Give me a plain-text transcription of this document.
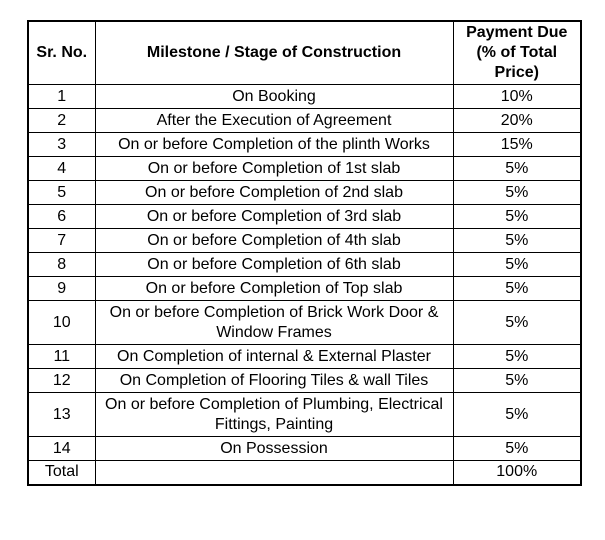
Sr. No.	Milestone / Stage of Construction	Payment Due (% of Total Price)
1	On Booking	10%
2	After the Execution of Agreement	20%
3	On or before Completion of the plinth Works	15%
4	On or before Completion of 1st slab	5%
5	On or before Completion of 2nd slab	5%
6	On or before Completion of 3rd slab	5%
7	On or before Completion of 4th slab	5%
8	On or before Completion of 6th slab	5%
9	On or before Completion of Top slab	5%
10	On or before Completion of Brick Work Door & Window Frames	5%
11	On Completion of internal & External Plaster	5%
12	On Completion of Flooring Tiles & wall Tiles	5%
13	On or before Completion of Plumbing, Electrical Fittings, Painting	5%
14	On Possession	5%
Total		100%
